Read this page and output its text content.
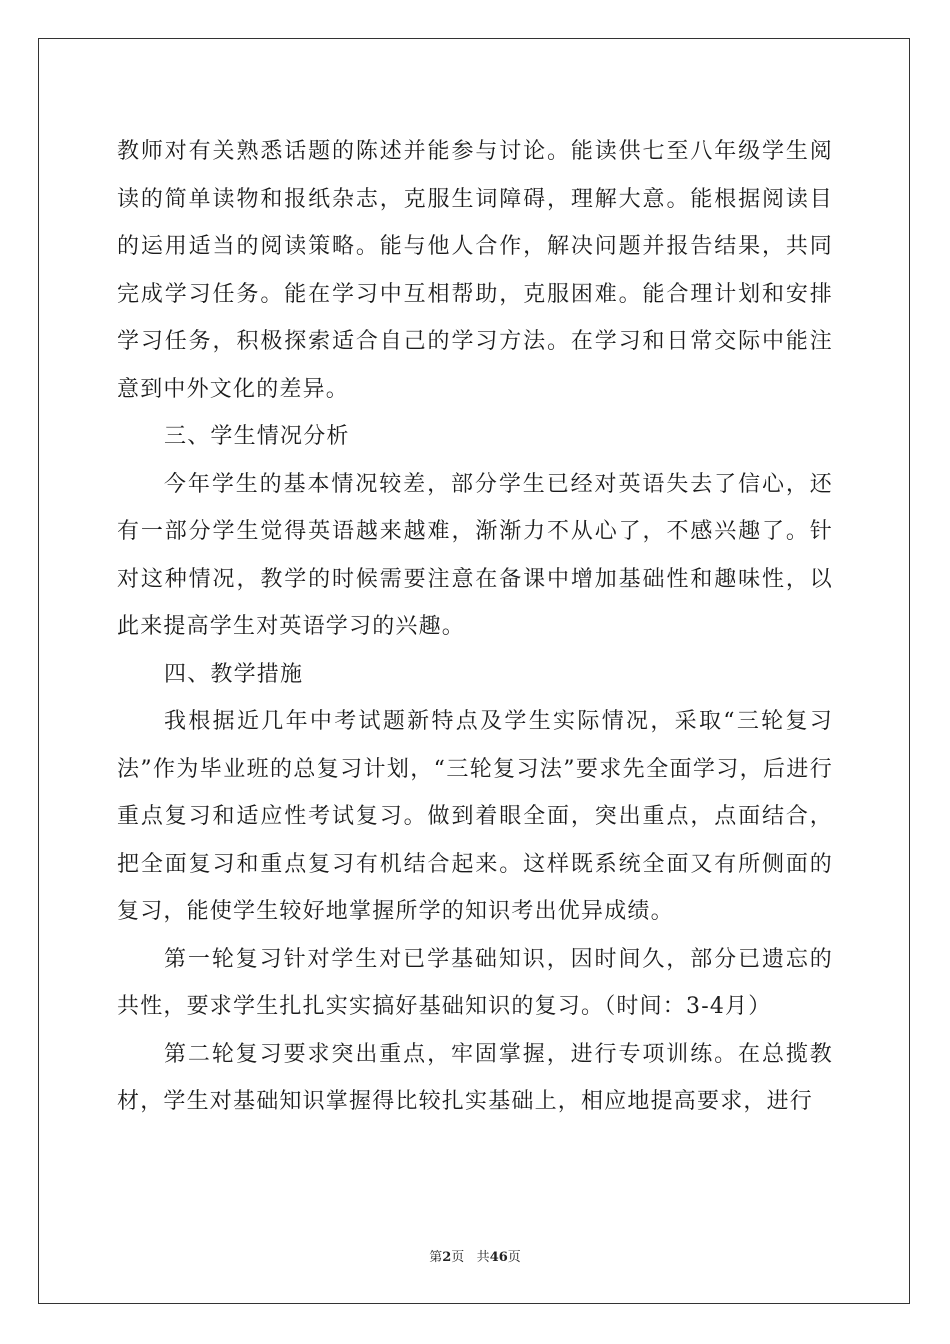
教师对有关熟悉话题的陈述并能参与讨论。能读供七至八年级学生阅读的简单读物和报纸杂志，克服生词障碍，理解大意。能根据阅读目的运用适当的阅读策略。能与他人合作，解决问题并报告结果，共同完成学习任务。能在学习中互相帮助，克服困难。能合理计划和安排学习任务，积极探索适合自己的学习方法。在学习和日常交际中能注意到中外文化的差异。

三、学生情况分析

今年学生的基本情况较差，部分学生已经对英语失去了信心，还有一部分学生觉得英语越来越难，渐渐力不从心了，不感兴趣了。针对这种情况，教学的时候需要注意在备课中增加基础性和趣味性，以此来提高学生对英语学习的兴趣。

四、教学措施

我根据近几年中考试题新特点及学生实际情况，采取“三轮复习法”作为毕业班的总复习计划，“三轮复习法”要求先全面学习，后进行重点复习和适应性考试复习。做到着眼全面，突出重点，点面结合，把全面复习和重点复习有机结合起来。这样既系统全面又有所侧面的复习，能使学生较好地掌握所学的知识考出优异成绩。

第一轮复习针对学生对已学基础知识，因时间久，部分已遗忘的共性，要求学生扎扎实实搞好基础知识的复习。（时间：3-4月）

第二轮复习要求突出重点，牢固掌握，进行专项训练。在总揽教材，学生对基础知识掌握得比较扎实基础上，相应地提高要求，进行

第2页 共46页
